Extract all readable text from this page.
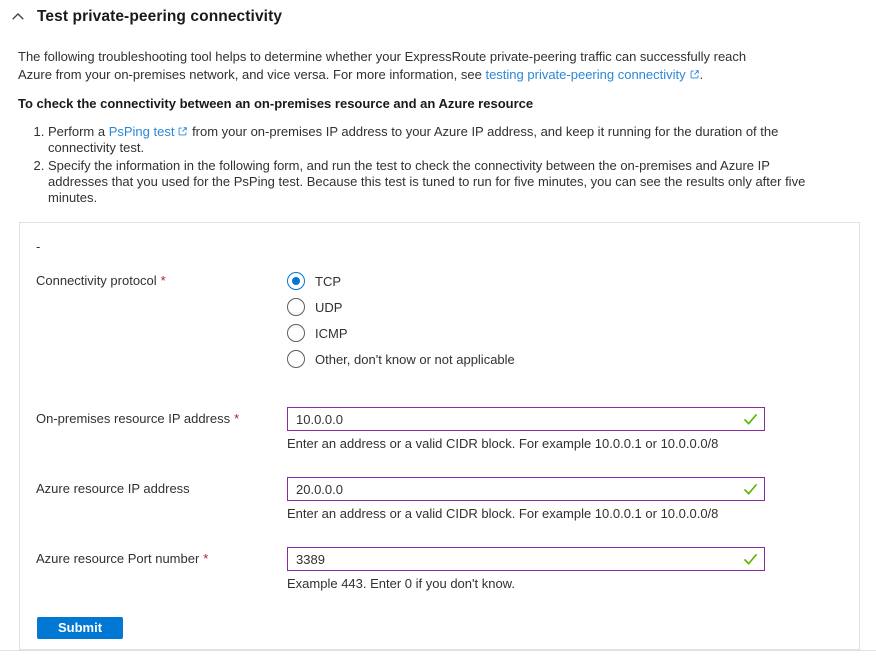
Test private-peering connectivity

The following troubleshooting tool helps to determine whether your ExpressRoute private-peering traffic can successfully reach Azure from your on-premises network, and vice versa. For more information, see testing private-peering connectivity .

To check the connectivity between an on-premises resource and an Azure resource

1. Perform a PsPing test from your on-premises IP address to your Azure IP address, and keep it running for the duration of the connectivity test.
2. Specify the information in the following form, and run the test to check the connectivity between the on-premises and Azure IP addresses that you used for the PsPing test. Because this test is tuned to run for five minutes, you can see the results only after five minutes.
-
Connectivity protocol *	TCP
UDP
ICMP
Other, don't know or not applicable
On-premises resource IP address *
10.0.0.0
Enter an address or a valid CIDR block. For example 10.0.0.1 or 10.0.0.0/8
Azure resource IP address
20.0.0.0
Enter an address or a valid CIDR block. For example 10.0.0.1 or 10.0.0.0/8
Azure resource Port number *
3389
Example 443. Enter 0 if you don't know.
Submit
